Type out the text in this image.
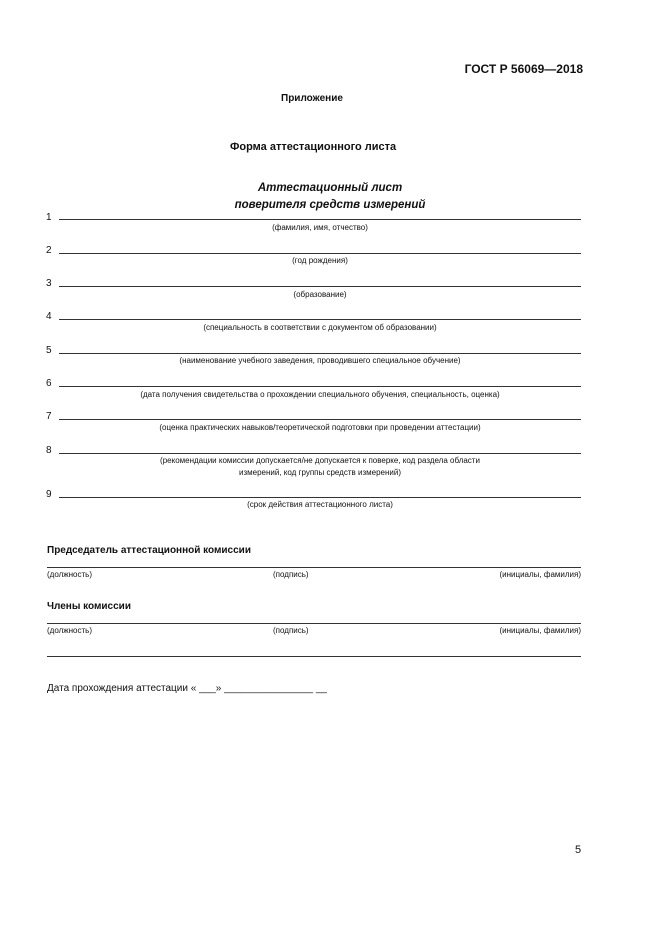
ГОСТ Р 56069—2018
Приложение
Форма аттестационного листа
Аттестационный лист
поверителя средств измерений
1
(фамилия, имя, отчество)
2
(год рождения)
3
(образование)
4
(специальность в соответствии с документом об образовании)
5
(наименование учебного заведения, проводившего специальное обучение)
6
(дата получения свидетельства о прохождении специального обучения, специальность, оценка)
7
(оценка практических навыков/теоретической подготовки при проведении аттестации)
8
(рекомендации комиссии допускается/не допускается к поверке, код раздела области
измерений, код группы средств измерений)
9
(срок действия аттестационного листа)
Председатель аттестационной комиссии
(должность)	(подпись)	(инициалы, фамилия)
Члены комиссии
(должность)	(подпись)	(инициалы, фамилия)
Дата прохождения аттестации « ___» ________________ __
5
